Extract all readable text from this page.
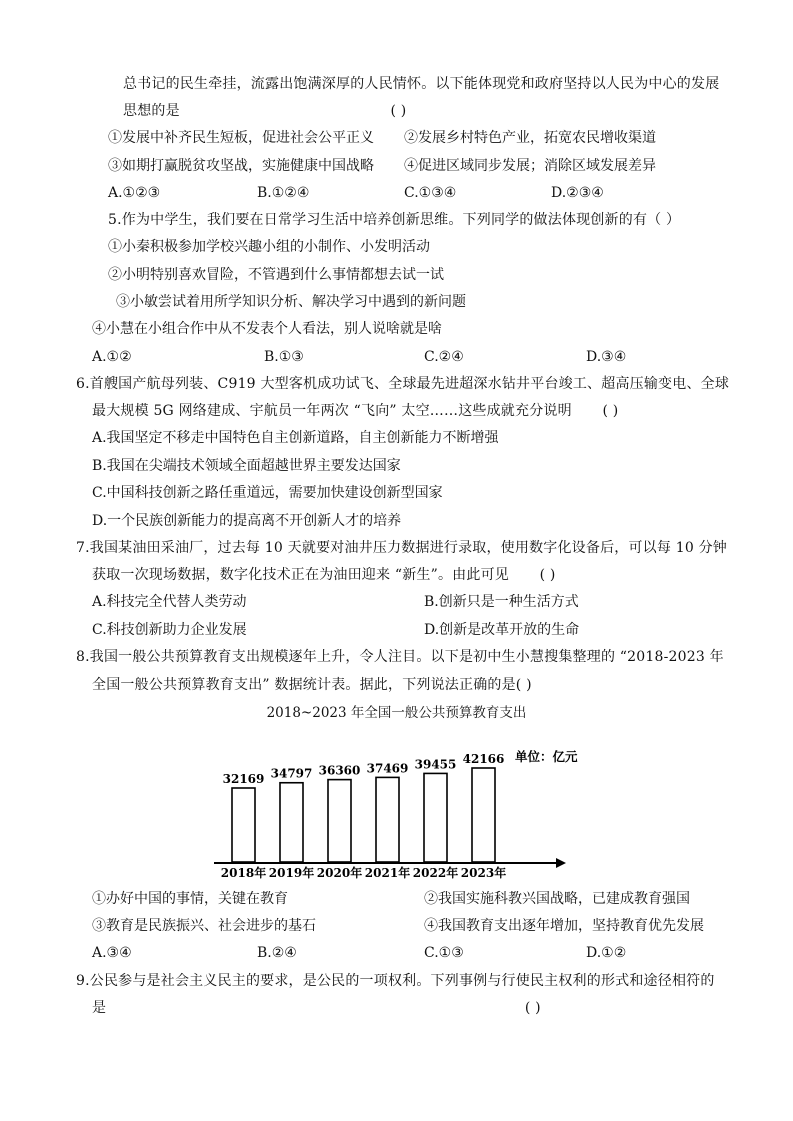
总书记的民生牵挂，流露出饱满深厚的人民情怀。以下能体现党和政府坚持以人民为中心的发展
思想的是	( )
①发展中补齐民生短板，促进社会公平正义 ②发展乡村特色产业，拓宽农民增收渠道
③如期打赢脱贫攻坚战，实施健康中国战略 ④促进区域同步发展；消除区域发展差异
A.①②③	B.①②④	C.①③④	D.②③④
5.作为中学生，我们要在日常学习生活中培养创新思维。下列同学的做法体现创新的有（ ）
①小秦积极参加学校兴趣小组的小制作、小发明活动
②小明特别喜欢冒险，不管遇到什么事情都想去试一试
③小敏尝试着用所学知识分析、解决学习中遇到的新问题
④小慧在小组合作中从不发表个人看法，别人说啥就是啥
A.①②	B.①③	C.②④	D.③④
6.首艘国产航母列装、C919 大型客机成功试飞、全球最先进超深水钻井平台竣工、超高压输变电、全球
最大规模 5G 网络建成、宇航员一年两次 “飞向” 太空……这些成就充分说明 ( )
A.我国坚定不移走中国特色自主创新道路，自主创新能力不断增强
B.我国在尖端技术领域全面超越世界主要发达国家
C.中国科技创新之路任重道远，需要加快建设创新型国家
D.一个民族创新能力的提高离不开创新人才的培养
7.我国某油田采油厂，过去每 10 天就要对油井压力数据进行录取，使用数字化设备后，可以每 10 分钟
获取一次现场数据，数字化技术正在为油田迎来 “新生”。由此可见 ( )
A.科技完全代替人类劳动	B.创新只是一种生活方式
C.科技创新助力企业发展	D.创新是改革开放的生命
8.我国一般公共预算教育支出规模逐年上升，令人注目。以下是初中生小慧搜集整理的 “2018-2023 年
全国一般公共预算教育支出” 数据统计表。据此，下列说法正确的是( )
2018~2023 年全国一般公共预算教育支出
单位：亿元
32169
2018年
34797
2019年
36360
2020年
37469
2021年
39455
2022年
42166
2023年
①办好中国的事情，关键在教育	②我国实施科教兴国战略，已建成教育强国
③教育是民族振兴、社会进步的基石	④我国教育支出逐年增加，坚持教育优先发展
A.③④	B.②④	C.①③	D.①②
9.公民参与是社会主义民主的要求，是公民的一项权利。下列事例与行使民主权利的形式和途径相符的
是	( )
